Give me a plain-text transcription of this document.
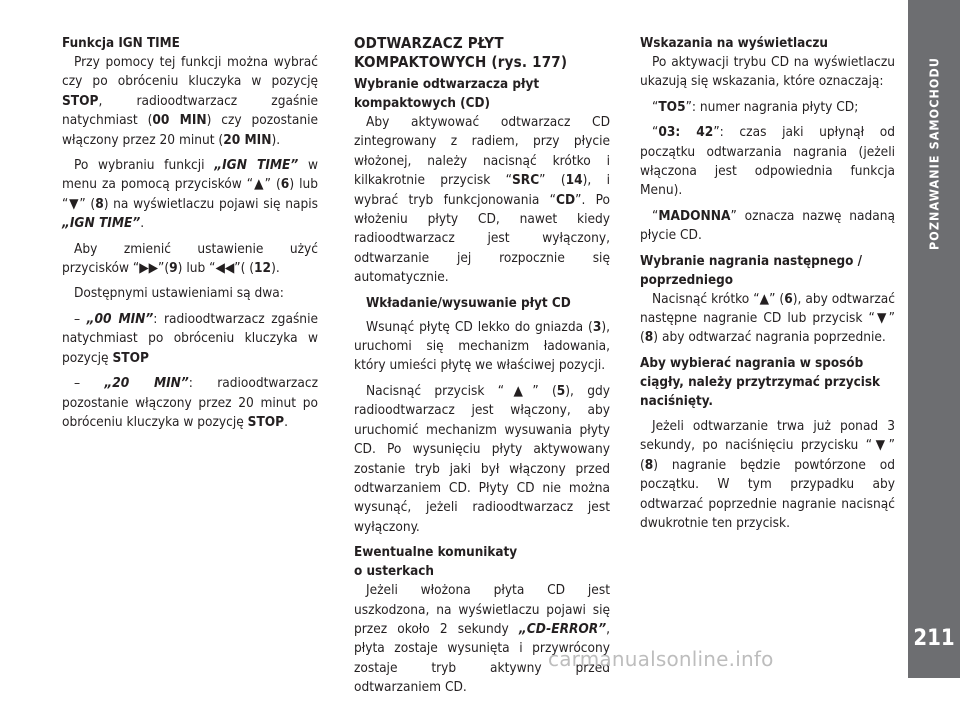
Funkcja IGN TIME

Przy pomocy tej funkcji można wybrać czy po obróceniu kluczyka w pozycję STOP, radioodtwarzacz zgaśnie natychmiast (00 MIN) czy pozostanie włączony przez 20 minut (20 MIN).

Po wybraniu funkcji „IGN TIME” w menu za pomocą przycisków “▲” (6) lub “▼” (8) na wyświetlaczu pojawi się napis „IGN TIME”.

Aby zmienić ustawienie użyć przycisków “▶▶”(9) lub “◀◀”( (12).

Dostępnymi ustawieniami są dwa:

– „00 MIN”: radioodtwarzacz zgaśnie natychmiast po obróceniu kluczyka w pozycję STOP

– „20 MIN”: radioodtwarzacz pozostanie włączony przez 20 minut po obróceniu kluczyka w pozycję STOP.

ODTWARZACZ PŁYT
KOMPAKTOWYCH (rys. 177)
Wybranie odtwarzacza płyt kompaktowych (CD)

Aby aktywować odtwarzacz CD zintegrowany z radiem, przy płycie włożonej, należy nacisnąć krótko i kilkakrotnie przycisk “SRC” (14), i wybrać tryb funkcjonowania “CD”. Po włożeniu płyty CD, nawet kiedy radioodtwarzacz jest wyłączony, odtwarzanie jej rozpocznie się automatycznie.

Wkładanie/wysuwanie płyt CD

Wsunąć płytę CD lekko do gniazda (3), uruchomi się mechanizm ładowania, który umieści płytę we właściwej pozycji.

Nacisnąć przycisk “▲” (5), gdy radioodtwarzacz jest włączony, aby uruchomić mechanizm wysuwania płyty CD. Po wysunięciu płyty aktywowany zostanie tryb jaki był włączony przed odtwarzaniem CD. Płyty CD nie można wysunąć, jeżeli radioodtwarzacz jest wyłączony.

Ewentualne komunikaty
o usterkach

Jeżeli włożona płyta CD jest uszkodzona, na wyświetlaczu pojawi się przez około 2 sekundy „CD-ERROR”, płyta zostaje wysunięta i przywrócony zostaje tryb aktywny przed odtwarzaniem CD.

Wskazania na wyświetlaczu

Po aktywacji trybu CD na wyświetlaczu ukazują się wskazania, które oznaczają:

“TO5”: numer nagrania płyty CD;

“03: 42”: czas jaki upłynął od początku odtwarzania nagrania (jeżeli włączona jest odpowiednia funkcja Menu).

“MADONNA” oznacza nazwę nadaną płycie CD.

Wybranie nagrania następnego / poprzedniego

Nacisnąć krótko “▲” (6), aby odtwarzać następne nagranie CD lub przycisk “▼” (8) aby odtwarzać nagrania poprzednie.

Aby wybierać nagrania w sposób ciągły, należy przytrzymać przycisk naciśnięty.

Jeżeli odtwarzanie trwa już ponad 3 sekundy, po naciśnięciu przycisku “▼” (8) nagranie będzie powtórzone od początku. W tym przypadku aby odtwarzać poprzednie nagranie nacisnąć dwukrotnie ten przycisk.

POZNAWANIE SAMOCHODU
211
carmanualsonline.info
